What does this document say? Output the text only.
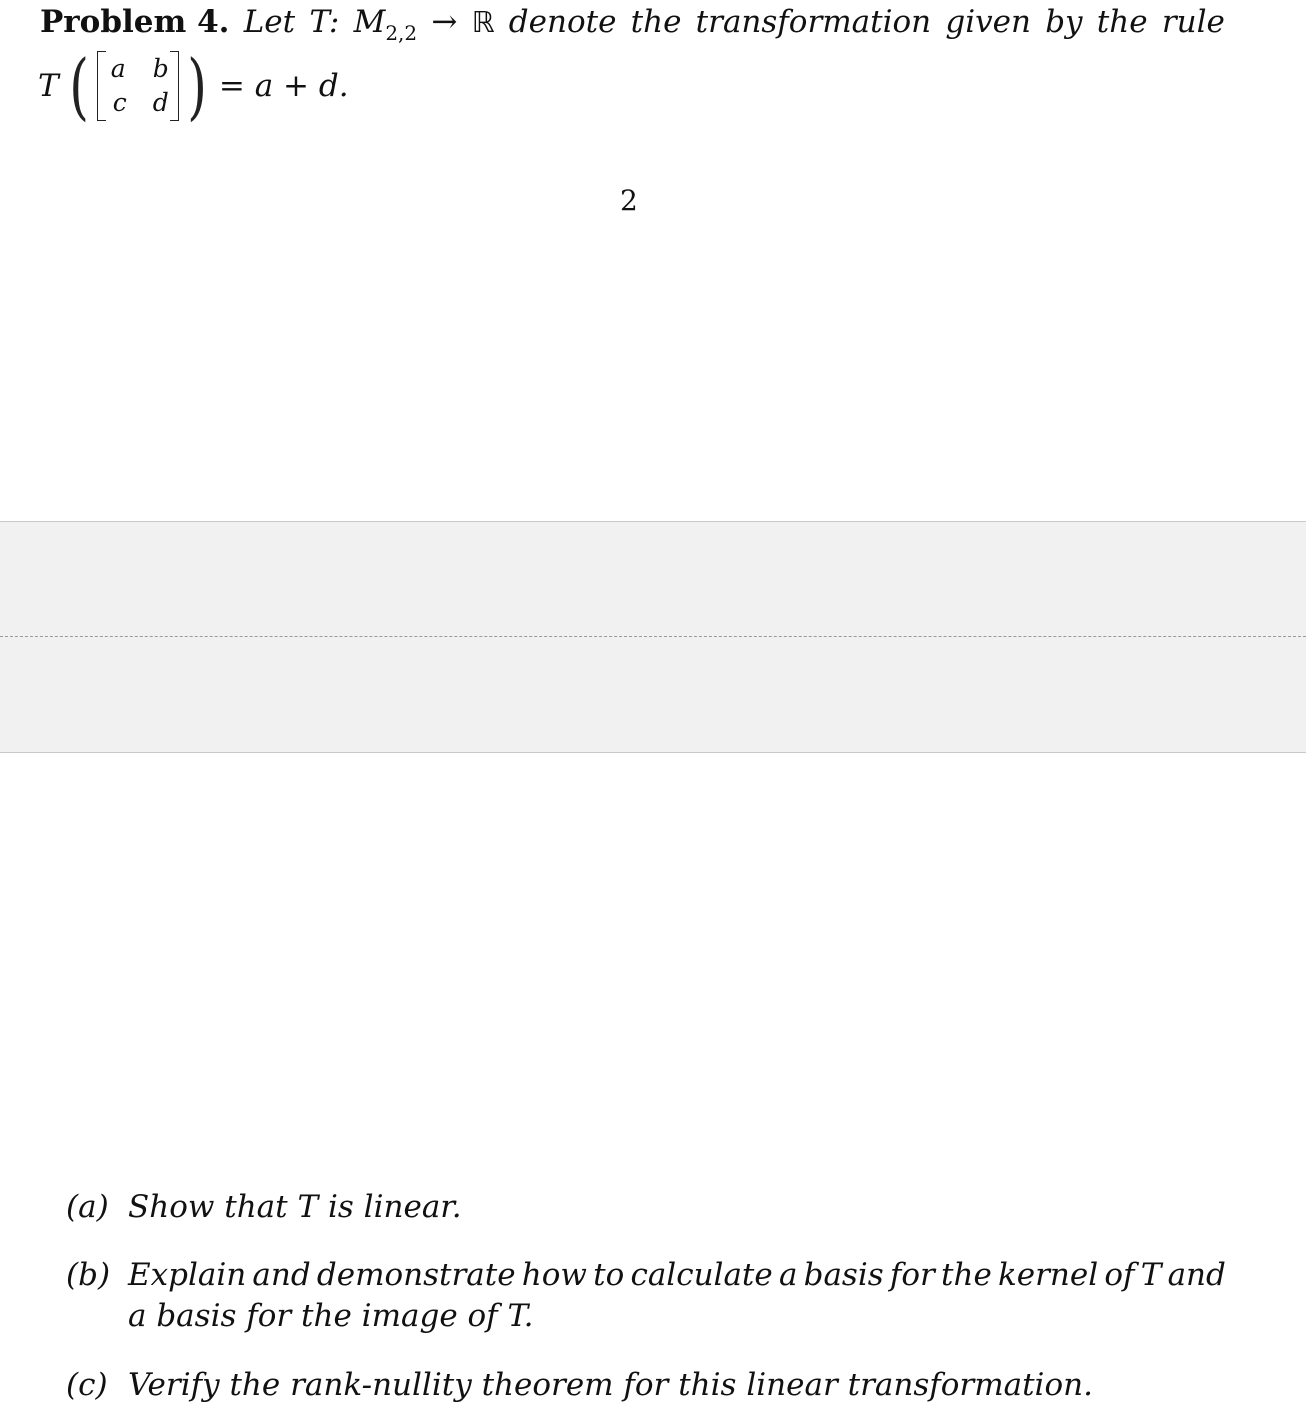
Problem 4. Let T: $M_{2,2}$ → ℝ denote the transformation given by the rule
T ( a b
c d ) = a + d.
2
(a) Show that T is linear.
(b) Explain and demonstrate how to calculate a basis for the kernel of T and
a basis for the image of T.
(c) Verify the rank-nullity theorem for this linear transformation.
